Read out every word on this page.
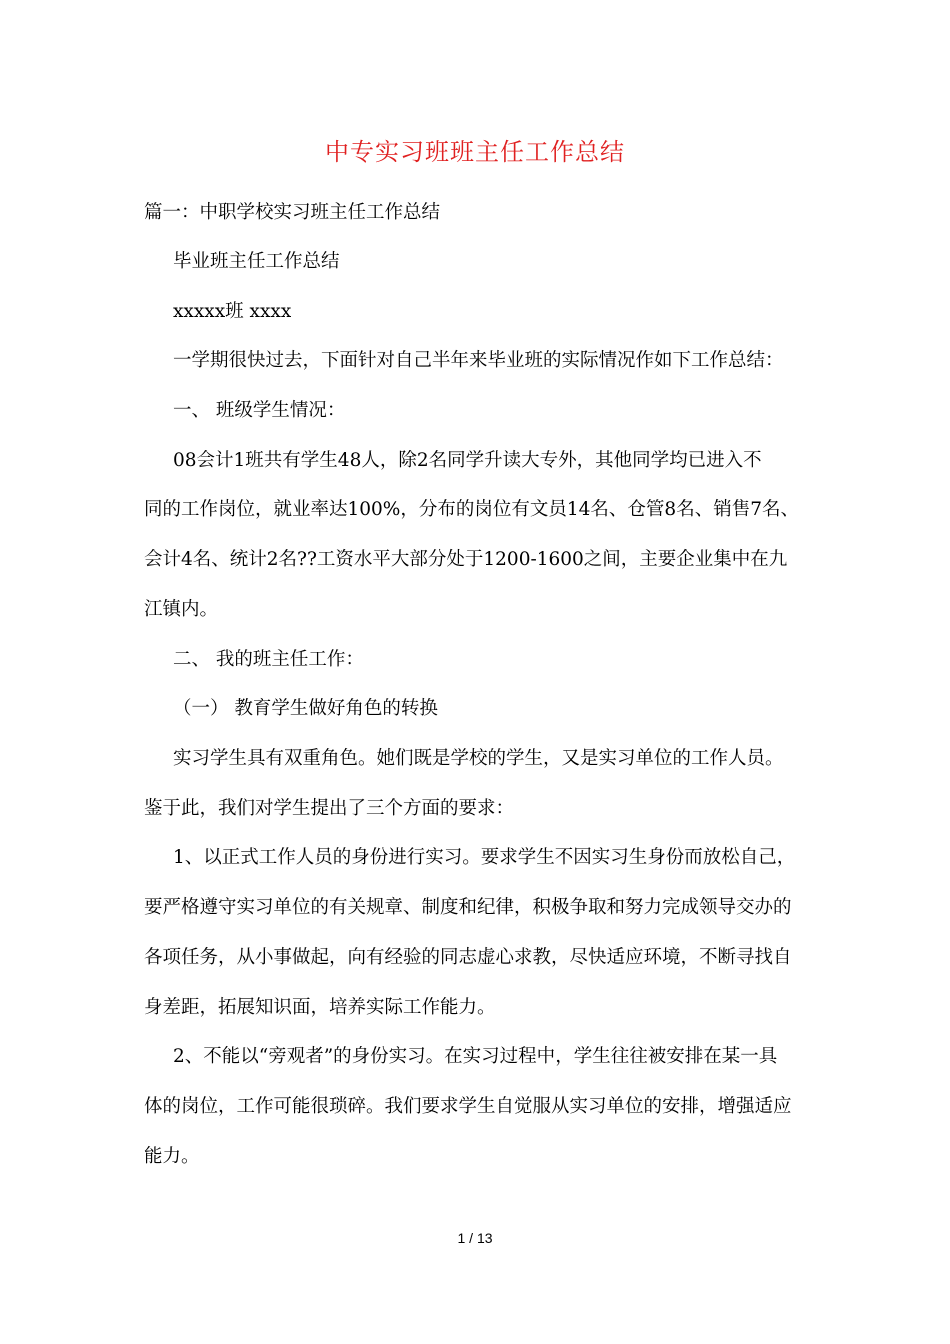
中专实习班班主任工作总结

篇一：中职学校实习班主任工作总结

毕业班主任工作总结

xxxxx班 xxxx

一学期很快过去，下面针对自己半年来毕业班的实际情况作如下工作总结：

一、 班级学生情况：

08会计1班共有学生48人，除2名同学升读大专外，其他同学均已进入不

同的工作岗位，就业率达100%，分布的岗位有文员14名、仓管8名、销售7名、

会计4名、统计2名??工资水平大部分处于1200-1600之间，主要企业集中在九

江镇内。

二、 我的班主任工作：

（一） 教育学生做好角色的转换

实习学生具有双重角色。她们既是学校的学生，又是实习单位的工作人员。

鉴于此，我们对学生提出了三个方面的要求：

1、以正式工作人员的身份进行实习。要求学生不因实习生身份而放松自己，

要严格遵守实习单位的有关规章、制度和纪律，积极争取和努力完成领导交办的

各项任务，从小事做起，向有经验的同志虚心求教，尽快适应环境，不断寻找自

身差距，拓展知识面，培养实际工作能力。

2、不能以“旁观者”的身份实习。在实习过程中，学生往往被安排在某一具

体的岗位，工作可能很琐碎。我们要求学生自觉服从实习单位的安排，增强适应

能力。

1 / 13
